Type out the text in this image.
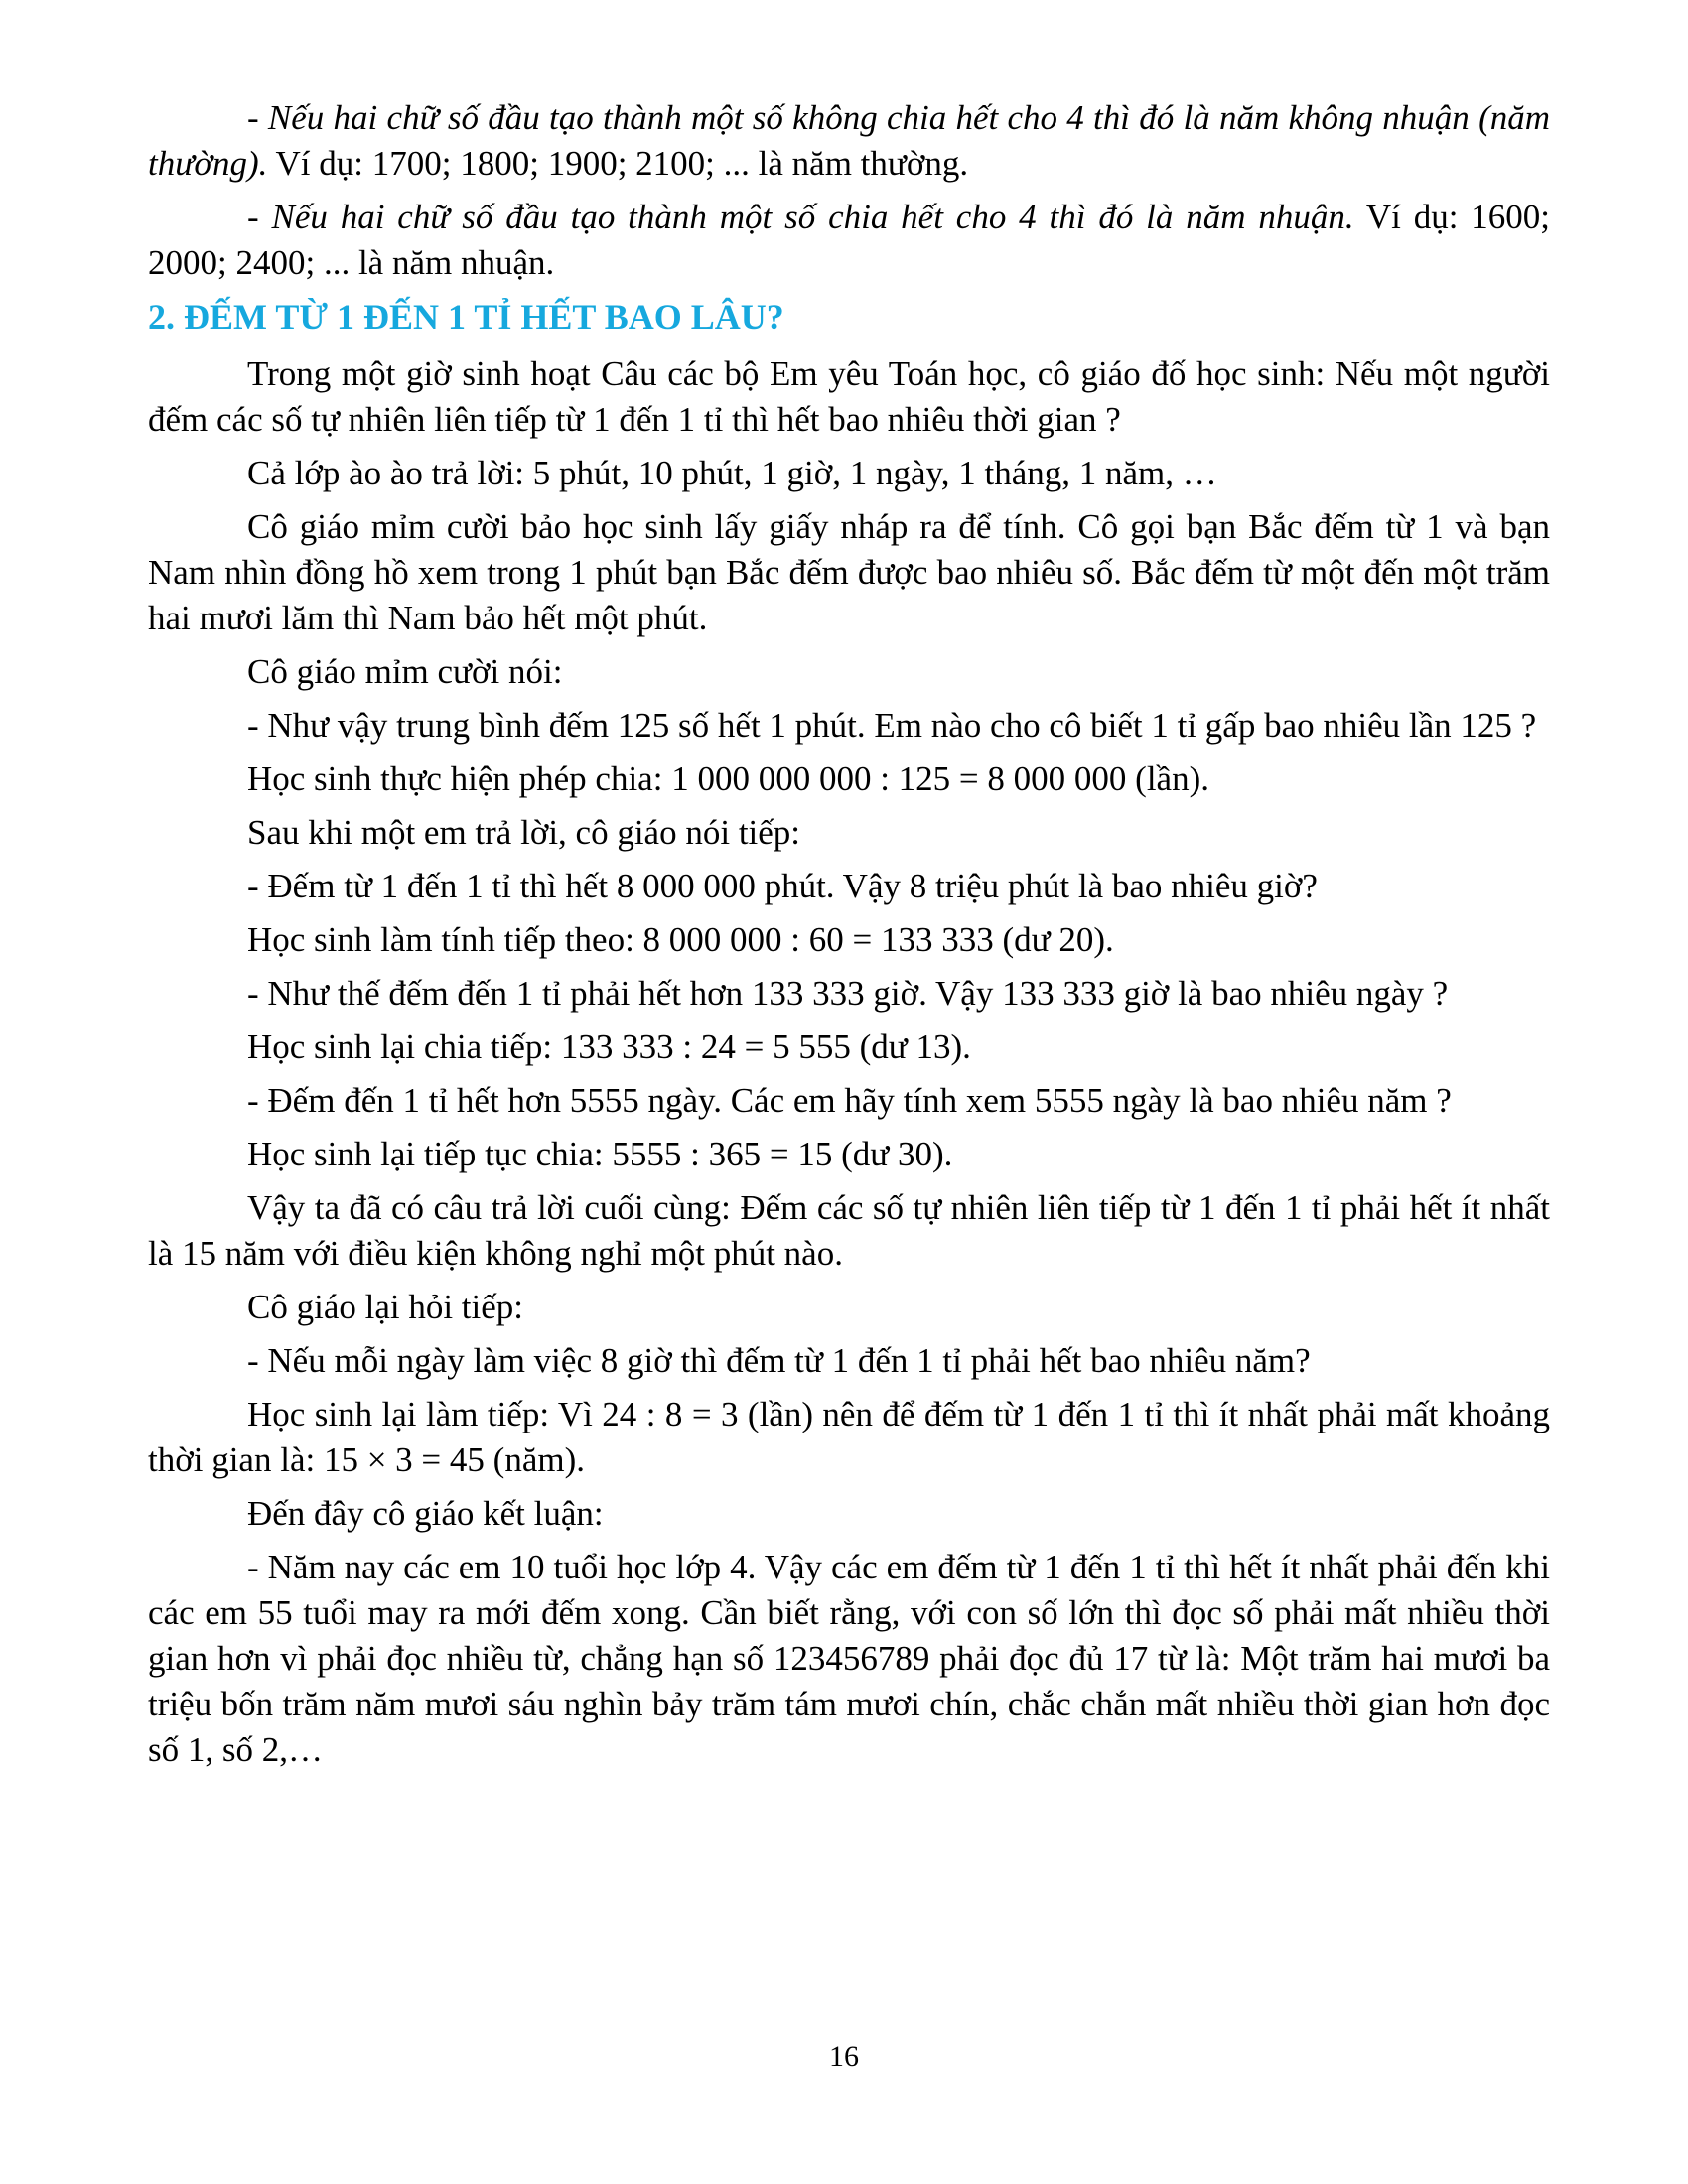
- Nếu hai chữ số đầu tạo thành một số không chia hết cho 4 thì đó là năm không nhuận (năm thường). Ví dụ: 1700; 1800; 1900; 2100; ... là năm thường.

- Nếu hai chữ số đầu tạo thành một số chia hết cho 4 thì đó là năm nhuận. Ví dụ: 1600; 2000; 2400; ... là năm nhuận.

2. ĐẾM TỪ 1 ĐẾN 1 TỈ HẾT BAO LÂU?

Trong một giờ sinh hoạt Câu các bộ Em yêu Toán học, cô giáo đố học sinh: Nếu một người đếm các số tự nhiên liên tiếp từ 1 đến 1 tỉ thì hết bao nhiêu thời gian ?

Cả lớp ào ào trả lời: 5 phút, 10 phút, 1 giờ, 1 ngày, 1 tháng, 1 năm, …

Cô giáo mỉm cười bảo học sinh lấy giấy nháp ra để tính. Cô gọi bạn Bắc đếm từ 1 và bạn Nam nhìn đồng hồ xem trong 1 phút bạn Bắc đếm được bao nhiêu số. Bắc đếm từ một đến một trăm hai mươi lăm thì Nam bảo hết một phút.

Cô giáo mỉm cười nói:

- Như vậy trung bình đếm 125 số hết 1 phút. Em nào cho cô biết 1 tỉ gấp bao nhiêu lần 125 ?

Học sinh thực hiện phép chia: 1 000 000 000 : 125 = 8 000 000 (lần).

Sau khi một em trả lời, cô giáo nói tiếp:

- Đếm từ 1 đến 1 tỉ thì hết 8 000 000 phút. Vậy 8 triệu phút là bao nhiêu giờ?

Học sinh làm tính tiếp theo: 8 000 000 : 60 = 133 333 (dư 20).

- Như thế đếm đến 1 tỉ phải hết hơn 133 333 giờ. Vậy 133 333 giờ là bao nhiêu ngày ?

Học sinh lại chia tiếp: 133 333 : 24 = 5 555 (dư 13).

- Đếm đến 1 tỉ hết hơn 5555 ngày. Các em hãy tính xem 5555 ngày là bao nhiêu năm ?

Học sinh lại tiếp tục chia: 5555 : 365 = 15 (dư 30).

Vậy ta đã có câu trả lời cuối cùng: Đếm các số tự nhiên liên tiếp từ 1 đến 1 tỉ phải hết ít nhất là 15 năm với điều kiện không nghỉ một phút nào.

Cô giáo lại hỏi tiếp:

- Nếu mỗi ngày làm việc 8 giờ thì đếm từ 1 đến 1 tỉ phải hết bao nhiêu năm?

Học sinh lại làm tiếp: Vì 24 : 8 = 3 (lần) nên để đếm từ 1 đến 1 tỉ thì ít nhất phải mất khoảng thời gian là: 15 × 3 = 45 (năm).

Đến đây cô giáo kết luận:

- Năm nay các em 10 tuổi học lớp 4. Vậy các em đếm từ 1 đến 1 tỉ thì hết ít nhất phải đến khi các em 55 tuổi may ra mới đếm xong. Cần biết rằng, với con số lớn thì đọc số phải mất nhiều thời gian hơn vì phải đọc nhiều từ, chẳng hạn số 123456789 phải đọc đủ 17 từ là: Một trăm hai mươi ba triệu bốn trăm năm mươi sáu nghìn bảy trăm tám mươi chín, chắc chắn mất nhiều thời gian hơn đọc số 1, số 2,…

16
